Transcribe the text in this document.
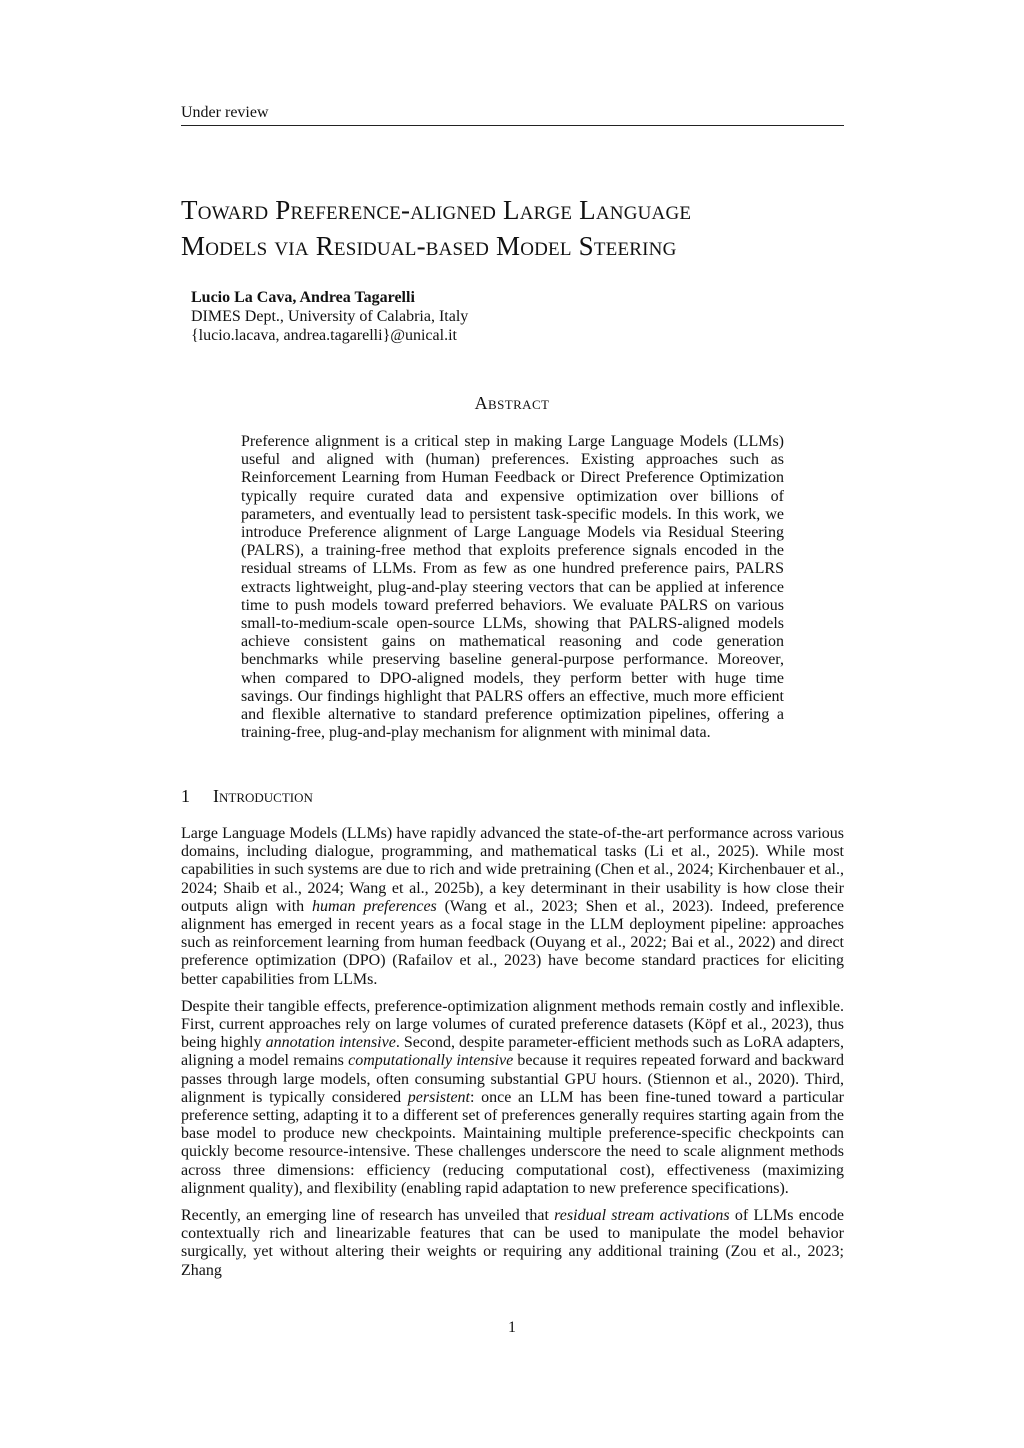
Under review
Toward Preference-aligned Large Language
Models via Residual-based Model Steering
Lucio La Cava, Andrea Tagarelli
DIMES Dept., University of Calabria, Italy
{lucio.lacava, andrea.tagarelli}@unical.it
Abstract
Preference alignment is a critical step in making Large Language Models (LLMs) useful and aligned with (human) preferences. Existing approaches such as Reinforcement Learning from Human Feedback or Direct Preference Optimization typically require curated data and expensive optimization over billions of parameters, and eventually lead to persistent task-specific models. In this work, we introduce Preference alignment of Large Language Models via Residual Steering (PALRS), a training-free method that exploits preference signals encoded in the residual streams of LLMs. From as few as one hundred preference pairs, PALRS extracts lightweight, plug-and-play steering vectors that can be applied at inference time to push models toward preferred behaviors. We evaluate PALRS on various small-to-medium-scale open-source LLMs, showing that PALRS-aligned models achieve consistent gains on mathematical reasoning and code generation benchmarks while preserving baseline general-purpose performance. Moreover, when compared to DPO-aligned models, they perform better with huge time savings. Our findings highlight that PALRS offers an effective, much more efficient and flexible alternative to standard preference optimization pipelines, offering a training-free, plug-and-play mechanism for alignment with minimal data.
1 Introduction

Large Language Models (LLMs) have rapidly advanced the state-of-the-art performance across various domains, including dialogue, programming, and mathematical tasks (Li et al., 2025). While most capabilities in such systems are due to rich and wide pretraining (Chen et al., 2024; Kirchenbauer et al., 2024; Shaib et al., 2024; Wang et al., 2025b), a key determinant in their usability is how close their outputs align with human preferences (Wang et al., 2023; Shen et al., 2023). Indeed, preference alignment has emerged in recent years as a focal stage in the LLM deployment pipeline: approaches such as reinforcement learning from human feedback (Ouyang et al., 2022; Bai et al., 2022) and direct preference optimization (DPO) (Rafailov et al., 2023) have become standard practices for eliciting better capabilities from LLMs.

Despite their tangible effects, preference-optimization alignment methods remain costly and inflexible. First, current approaches rely on large volumes of curated preference datasets (Köpf et al., 2023), thus being highly annotation intensive. Second, despite parameter-efficient methods such as LoRA adapters, aligning a model remains computationally intensive because it requires repeated forward and backward passes through large models, often consuming substantial GPU hours. (Stiennon et al., 2020). Third, alignment is typically considered persistent: once an LLM has been fine-tuned toward a particular preference setting, adapting it to a different set of preferences generally requires starting again from the base model to produce new checkpoints. Maintaining multiple preference-specific checkpoints can quickly become resource-intensive. These challenges underscore the need to scale alignment methods across three dimensions: efficiency (reducing computational cost), effectiveness (maximizing alignment quality), and flexibility (enabling rapid adaptation to new preference specifications).

Recently, an emerging line of research has unveiled that residual stream activations of LLMs encode contextually rich and linearizable features that can be used to manipulate the model behavior surgically, yet without altering their weights or requiring any additional training (Zou et al., 2023; Zhang

1
